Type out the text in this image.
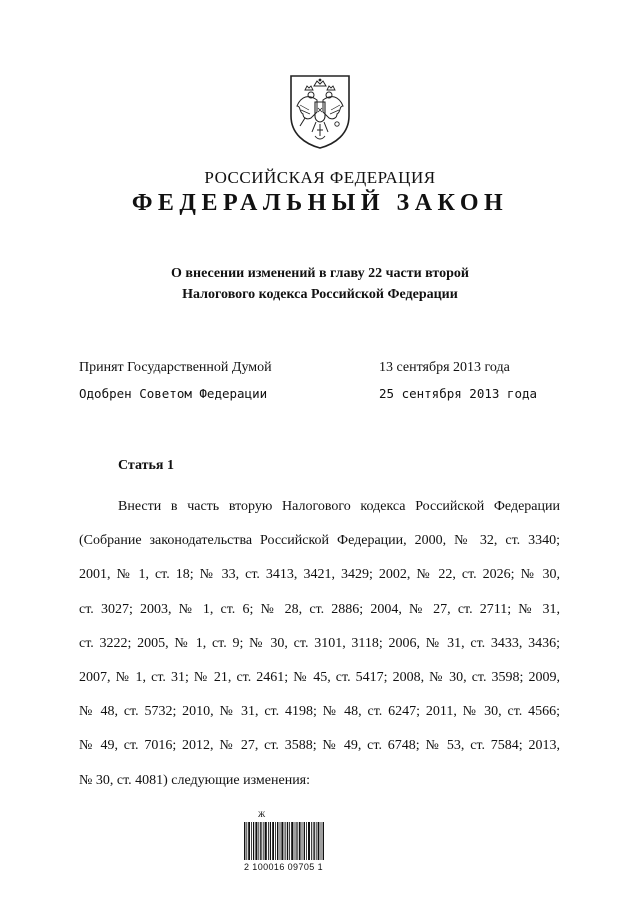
РОССИЙСКАЯ ФЕДЕРАЦИЯ
ФЕДЕРАЛЬНЫЙ ЗАКОН
О внесении изменений в главу 22 части второй
Налогового кодекса Российской Федерации
Принят Государственной Думой	13 сентября 2013 года
Одобрен Советом Федерации	25 сентября 2013 года
Статья 1
Внести в часть вторую Налогового кодекса Российской Федерации
(Собрание законодательства Российской Федерации, 2000, № 32, ст. 3340;
2001, № 1, ст. 18; № 33, ст. 3413, 3421, 3429; 2002, № 22, ст. 2026; № 30,
ст. 3027; 2003, № 1, ст. 6; № 28, ст. 2886; 2004, № 27, ст. 2711; № 31,
ст. 3222; 2005, № 1, ст. 9; № 30, ст. 3101, 3118; 2006, № 31, ст. 3433, 3436;
2007, № 1, ст. 31; № 21, ст. 2461; № 45, ст. 5417; 2008, № 30, ст. 3598; 2009,
№ 48, ст. 5732; 2010, № 31, ст. 4198; № 48, ст. 6247; 2011, № 30, ст. 4566;
№ 49, ст. 7016; 2012, № 27, ст. 3588; № 49, ст. 6748; № 53, ст. 7584; 2013,
№ 30, ст. 4081) следующие изменения:
Ж
2 100016 09705 1
